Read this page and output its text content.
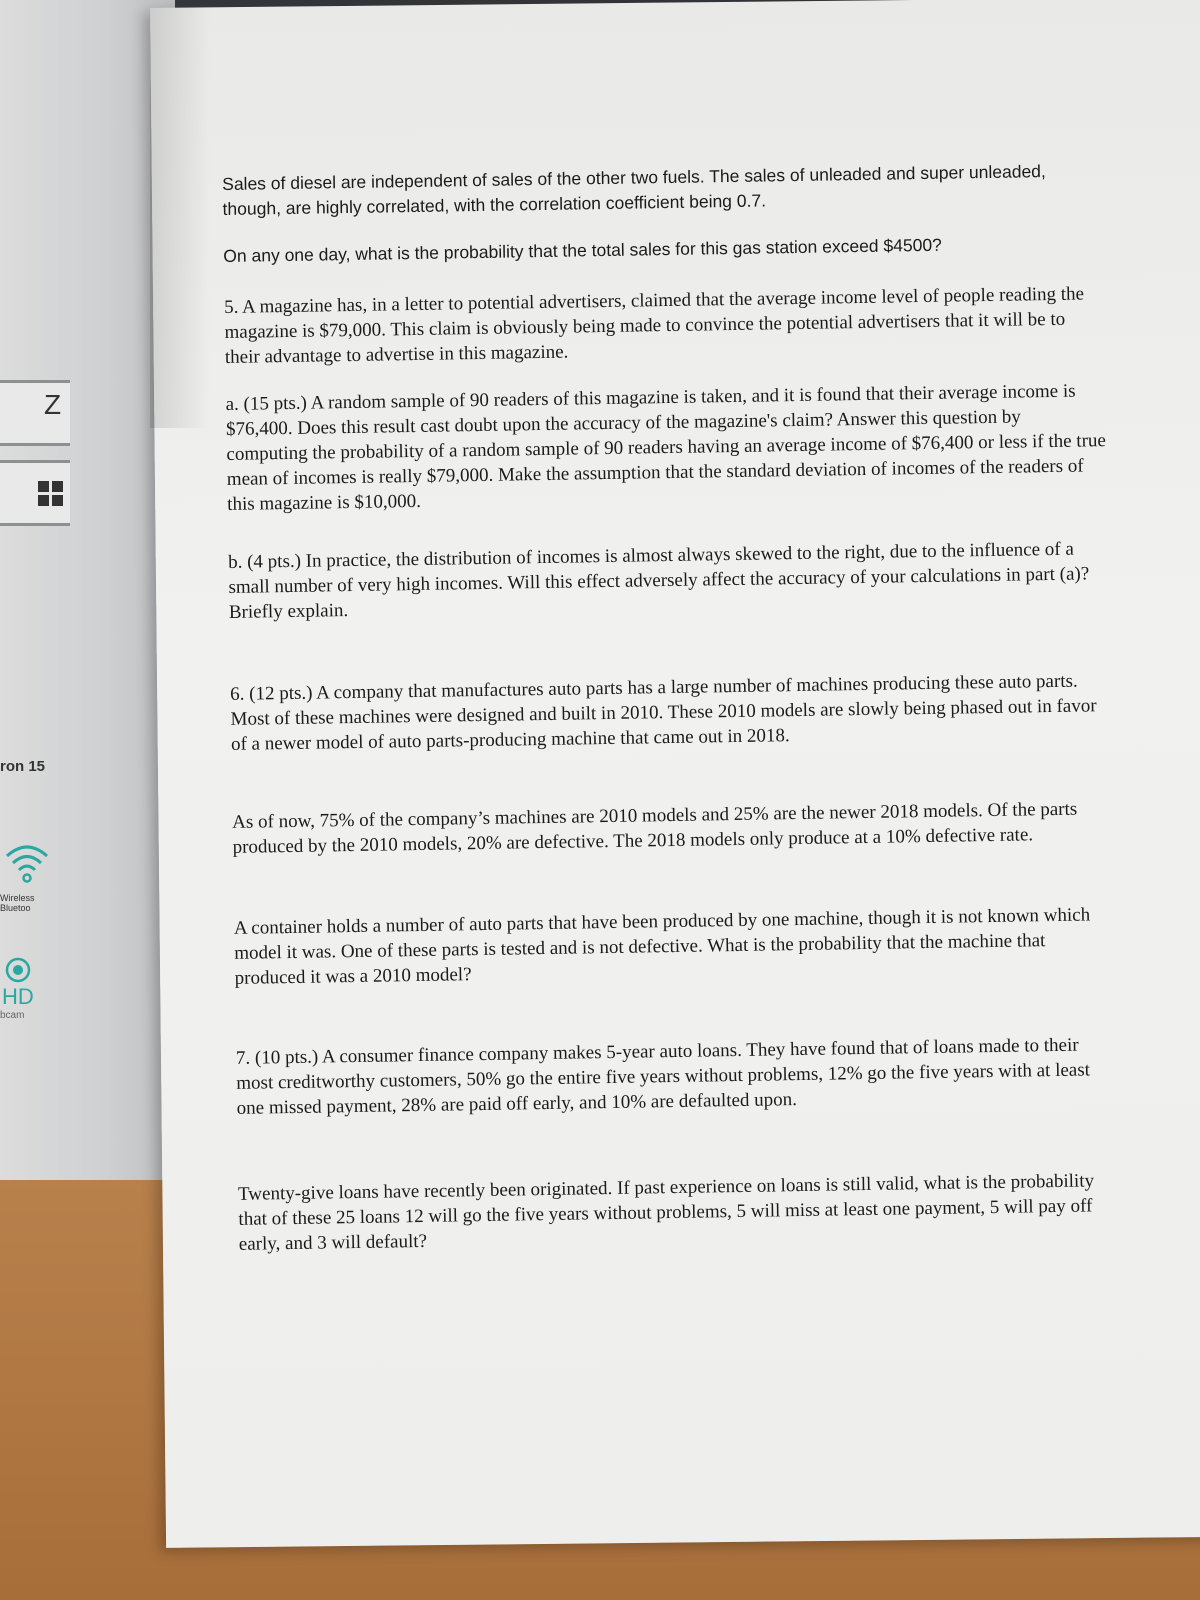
Z
ron 15
Wireless
Bluetoo
HD
bcam

Sales of diesel are independent of sales of the other two fuels. The sales of unleaded and super unleaded, though, are highly correlated, with the correlation coefficient being 0.7.

On any one day, what is the probability that the total sales for this gas station exceed $4500?

5. A magazine has, in a letter to potential advertisers, claimed that the average income level of people reading the magazine is $79,000. This claim is obviously being made to convince the potential advertisers that it will be to their advantage to advertise in this magazine.

a. (15 pts.) A random sample of 90 readers of this magazine is taken, and it is found that their average income is $76,400. Does this result cast doubt upon the accuracy of the magazine's claim? Answer this question by computing the probability of a random sample of 90 readers having an average income of $76,400 or less if the true mean of incomes is really $79,000. Make the assumption that the standard deviation of incomes of the readers of this magazine is $10,000.

b. (4 pts.) In practice, the distribution of incomes is almost always skewed to the right, due to the influence of a small number of very high incomes. Will this effect adversely affect the accuracy of your calculations in part (a)? Briefly explain.

6. (12 pts.) A company that manufactures auto parts has a large number of machines producing these auto parts. Most of these machines were designed and built in 2010. These 2010 models are slowly being phased out in favor of a newer model of auto parts-producing machine that came out in 2018.

As of now, 75% of the company’s machines are 2010 models and 25% are the newer 2018 models. Of the parts produced by the 2010 models, 20% are defective. The 2018 models only produce at a 10% defective rate.

A container holds a number of auto parts that have been produced by one machine, though it is not known which model it was. One of these parts is tested and is not defective. What is the probability that the machine that produced it was a 2010 model?

7. (10 pts.) A consumer finance company makes 5-year auto loans. They have found that of loans made to their most creditworthy customers, 50% go the entire five years without problems, 12% go the five years with at least one missed payment, 28% are paid off early, and 10% are defaulted upon.

Twenty-give loans have recently been originated. If past experience on loans is still valid, what is the probability that of these 25 loans 12 will go the five years without problems, 5 will miss at least one payment, 5 will pay off early, and 3 will default?
